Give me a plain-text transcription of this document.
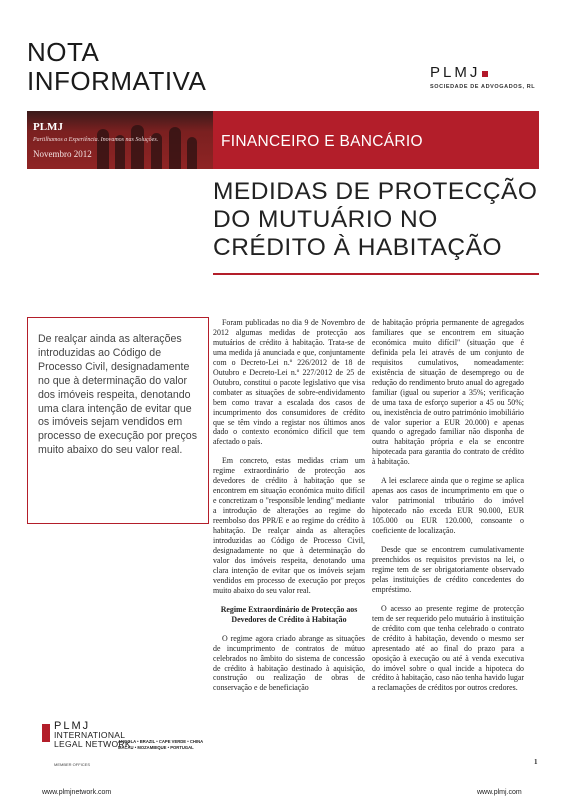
NOTA
INFORMATIVA	PLMJ
SOCIEDADE DE ADVOGADOS, RL
PLMJ
Partilhamos a Experiência. Inovamos nas Soluções.
Novembro 2012
FINANCEIRO E BANCÁRIO
MEDIDAS DE PROTECÇÃO
DO MUTUÁRIO NO
CRÉDITO À HABITAÇÃO
De realçar ainda as alterações introduzidas ao Código de Processo Civil, designadamente no que à determinação do valor dos imóveis respeita, denotando uma clara intenção de evitar que os imóveis sejam vendidos em processo de execução por preços muito abaixo do seu valor real.

Foram publicadas no dia 9 de Novembro de 2012 algumas medidas de protecção aos mutuários de crédito à habitação. Trata-se de uma medida já anunciada e que, conjuntamente com o Decreto-Lei n.º 226/2012 de 18 de Outubro e Decreto-Lei n.º 227/2012 de 25 de Outubro, constitui o pacote legislativo que visa combater as situações de sobre-endividamento bem como travar a escalada dos casos de incumprimento dos consumidores de crédito que se têm vindo a registar nos últimos anos dado o contexto económico difícil que tem afectado o país.

Em concreto, estas medidas criam um regime extraordinário de protecção aos devedores de crédito à habitação que se encontrem em situação económica muito difícil e concretizam o "responsible lending" mediante a introdução de alterações ao regime do reembolso dos PPR/E e ao regime do crédito à habitação. De realçar ainda as alterações introduzidas ao Código de Processo Civil, designadamente no que à determinação do valor dos imóveis respeita, denotando uma clara intenção de evitar que os imóveis sejam vendidos em processo de execução por preços muito abaixo do seu valor real.

Regime Extraordinário de Protecção aos Devedores de Crédito à Habitação

O regime agora criado abrange as situações de incumprimento de contratos de mútuo celebrados no âmbito do sistema de concessão de crédito à habitação destinado à aquisição, construção ou realização de obras de conservação e de beneficiação

de habitação própria permanente de agregados familiares que se encontrem em situação económica muito difícil" (situação que é definida pela lei através de um conjunto de requisitos cumulativos, nomeadamente: existência de situação de desemprego ou de redução do rendimento bruto anual do agregado familiar (igual ou superior a 35%; verificação de uma taxa de esforço superior a 45 ou 50%; ou, inexistência de outro património imobiliário de valor superior a EUR 20.000) e apenas quando o agregado familiar não disponha de outra habitação própria e ela se encontre hipotecada para garantia do contrato de crédito à habitação.

A lei esclarece ainda que o regime se aplica apenas aos casos de incumprimento em que o valor patrimonial tributário do imóvel hipotecado não exceda EUR 90.000, EUR 105.000 ou EUR 120.000, consoante o coeficiente de localização.

Desde que se encontrem cumulativamente preenchidos os requisitos previstos na lei, o regime tem de ser obrigatoriamente observado pelas instituições de crédito concedentes do empréstimo.

O acesso ao presente regime de protecção tem de ser requerido pelo mutuário à instituição de crédito com que tenha celebrado o contrato de crédito à habitação, devendo o mesmo ser apresentado até ao final do prazo para a oposição à execução ou até à venda executiva do imóvel sobre o qual incide a hipoteca do crédito à habitação, caso não tenha havido lugar a reclamações de créditos por outros credores.

1
PLMJ
INTERNATIONAL
LEGAL NETWORK
MEMBER OFFICES
ANGOLA • BRAZIL • CAPE VERDE • CHINA
MACAU • MOZAMBIQUE • PORTUGAL
www.plmjnetwork.com	www.plmj.com
